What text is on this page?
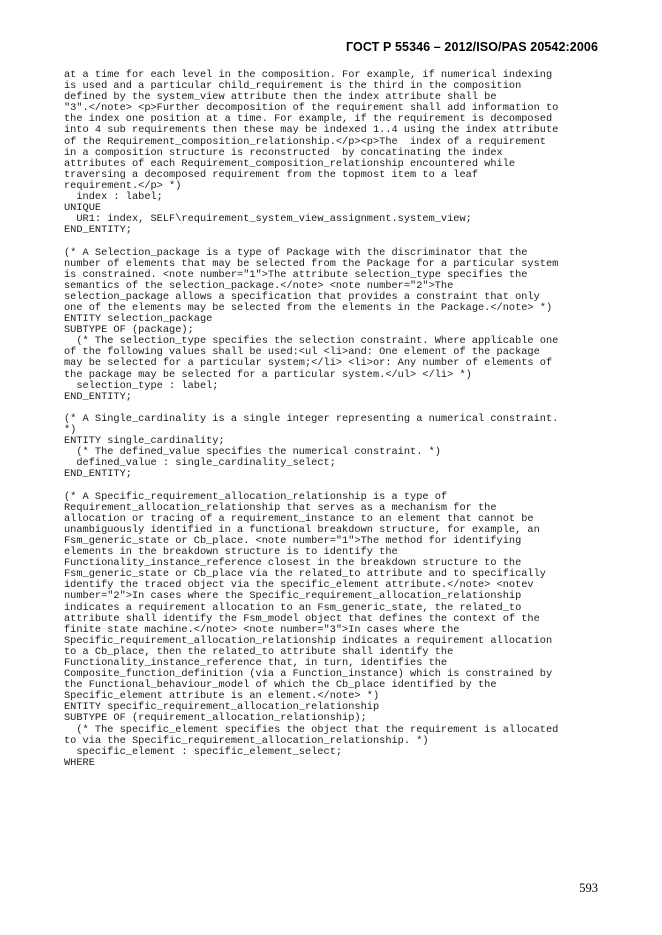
ГОСТ Р 55346 – 2012/ISO/PAS 20542:2006
at a time for each level in the composition. For example, if numerical indexing
is used and a particular child_requirement is the third in the composition
defined by the system_view attribute then the index attribute shall be
"3".</note> <p>Further decomposition of the requirement shall add information to
the index one position at a time. For example, if the requirement is decomposed
into 4 sub requirements then these may be indexed 1..4 using the index attribute
of the Requirement_composition_relationship.</p><p>The  index of a requirement
in a composition structure is reconstructed  by concatinating the index
attributes of each Requirement_composition_relationship encountered while
traversing a decomposed requirement from the topmost item to a leaf
requirement.</p> *)
index : label;
UNIQUE
UR1: index, SELF\requirement_system_view_assignment.system_view;
END_ENTITY;
(* A Selection_package is a type of Package with the discriminator that the
number of elements that may be selected from the Package for a particular system
is constrained. <note number="1">The attribute selection_type specifies the
semantics of the selection_package.</note> <note number="2">The
selection_package allows a specification that provides a constraint that only
one of the elements may be selected from the elements in the Package.</note> *)
ENTITY selection_package
SUBTYPE OF (package);
(* The selection_type specifies the selection constraint. Where applicable one
of the following values shall be used:<ul <li>and: One element of the package
may be selected for a particular system;</li> <li>or: Any number of elements of
the package may be selected for a particular system.</ul> </li> *)
selection_type : label;
END_ENTITY;
(* A Single_cardinality is a single integer representing a numerical constraint.
*)
ENTITY single_cardinality;
(* The defined_value specifies the numerical constraint. *)
defined_value : single_cardinality_select;
END_ENTITY;
(* A Specific_requirement_allocation_relationship is a type of
Requirement_allocation_relationship that serves as a mechanism for the
allocation or tracing of a requirement_instance to an element that cannot be
unambiguously identified in a functional breakdown structure, for example, an
Fsm_generic_state or Cb_place. <note number="1">The method for identifying
elements in the breakdown structure is to identify the
Functionality_instance_reference closest in the breakdown structure to the
Fsm_generic_state or Cb_place via the related_to attribute and to specifically
identify the traced object via the specific_element attribute.</note> <notev
number="2">In cases where the Specific_requirement_allocation_relationship
indicates a requirement allocation to an Fsm_generic_state, the related_to
attribute shall identify the Fsm_model object that defines the context of the
finite state machine.</note> <note number="3">In cases where the
Specific_requirement_allocation_relationship indicates a requirement allocation
to a Cb_place, then the related_to attribute shall identify the
Functionality_instance_reference that, in turn, identifies the
Composite_function_definition (via a Function_instance) which is constrained by
the Functional_behaviour_model of which the Cb_place identified by the
Specific_element attribute is an element.</note> *)
ENTITY specific_requirement_allocation_relationship
SUBTYPE OF (requirement_allocation_relationship);
(* The specific_element specifies the object that the requirement is allocated
to via the Specific_requirement_allocation_relationship. *)
specific_element : specific_element_select;
WHERE
593
